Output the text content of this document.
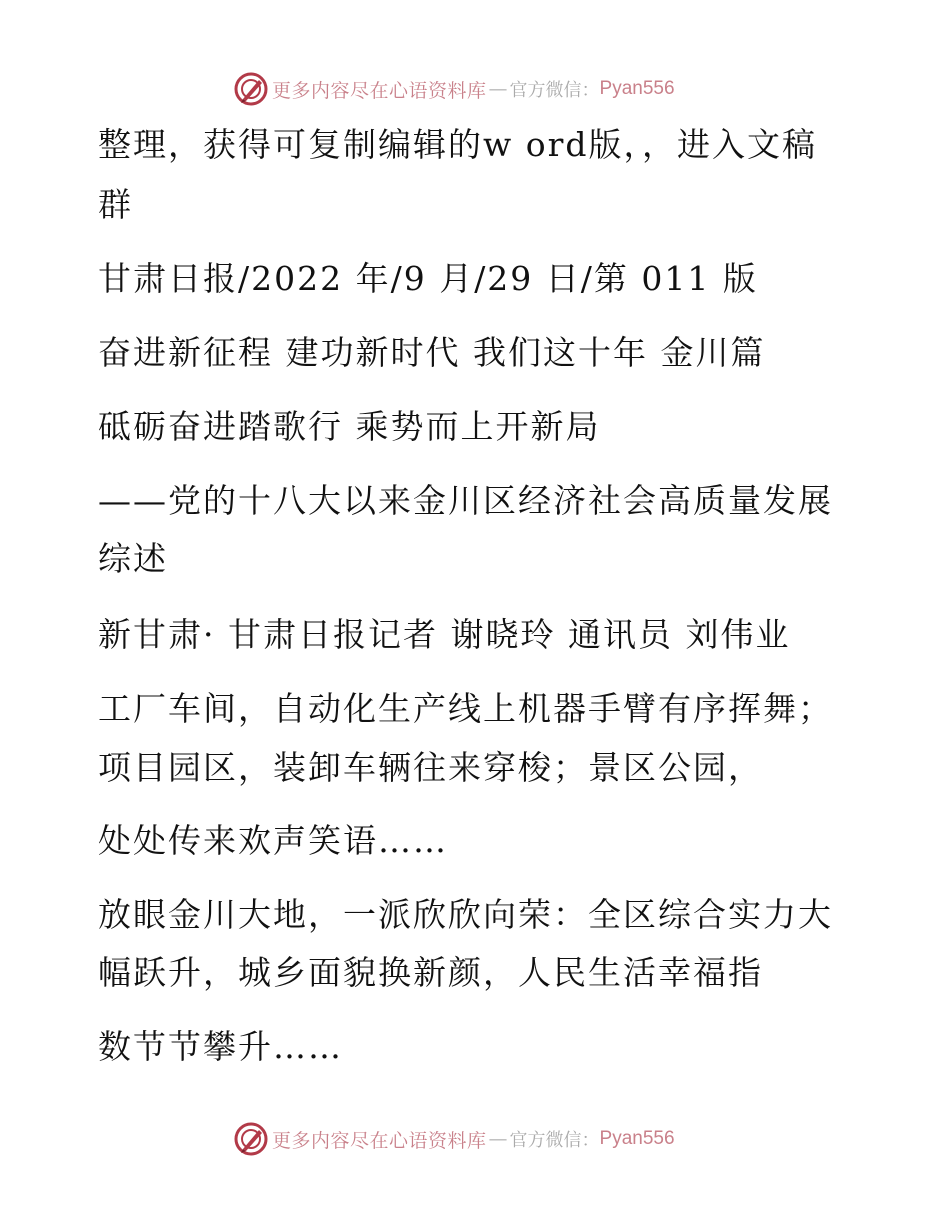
更多内容尽在心语资料库 — 官方微信： Pyan556
整理，获得可复制编辑的w ord版，，进入文稿
群
甘肃日报/2022 年/9 月/29 日/第 011 版
奋进新征程 建功新时代 我们这十年 金川篇
砥砺奋进踏歌行 乘势而上开新局
——党的十八大以来金川区经济社会高质量发展
综述
新甘肃· 甘肃日报记者 谢晓玲 通讯员 刘伟业
工厂车间，自动化生产线上机器手臂有序挥舞；
项目园区，装卸车辆往来穿梭；景区公园，
处处传来欢声笑语……
放眼金川大地，一派欣欣向荣：全区综合实力大
幅跃升，城乡面貌换新颜，人民生活幸福指
数节节攀升……
更多内容尽在心语资料库 — 官方微信： Pyan556
